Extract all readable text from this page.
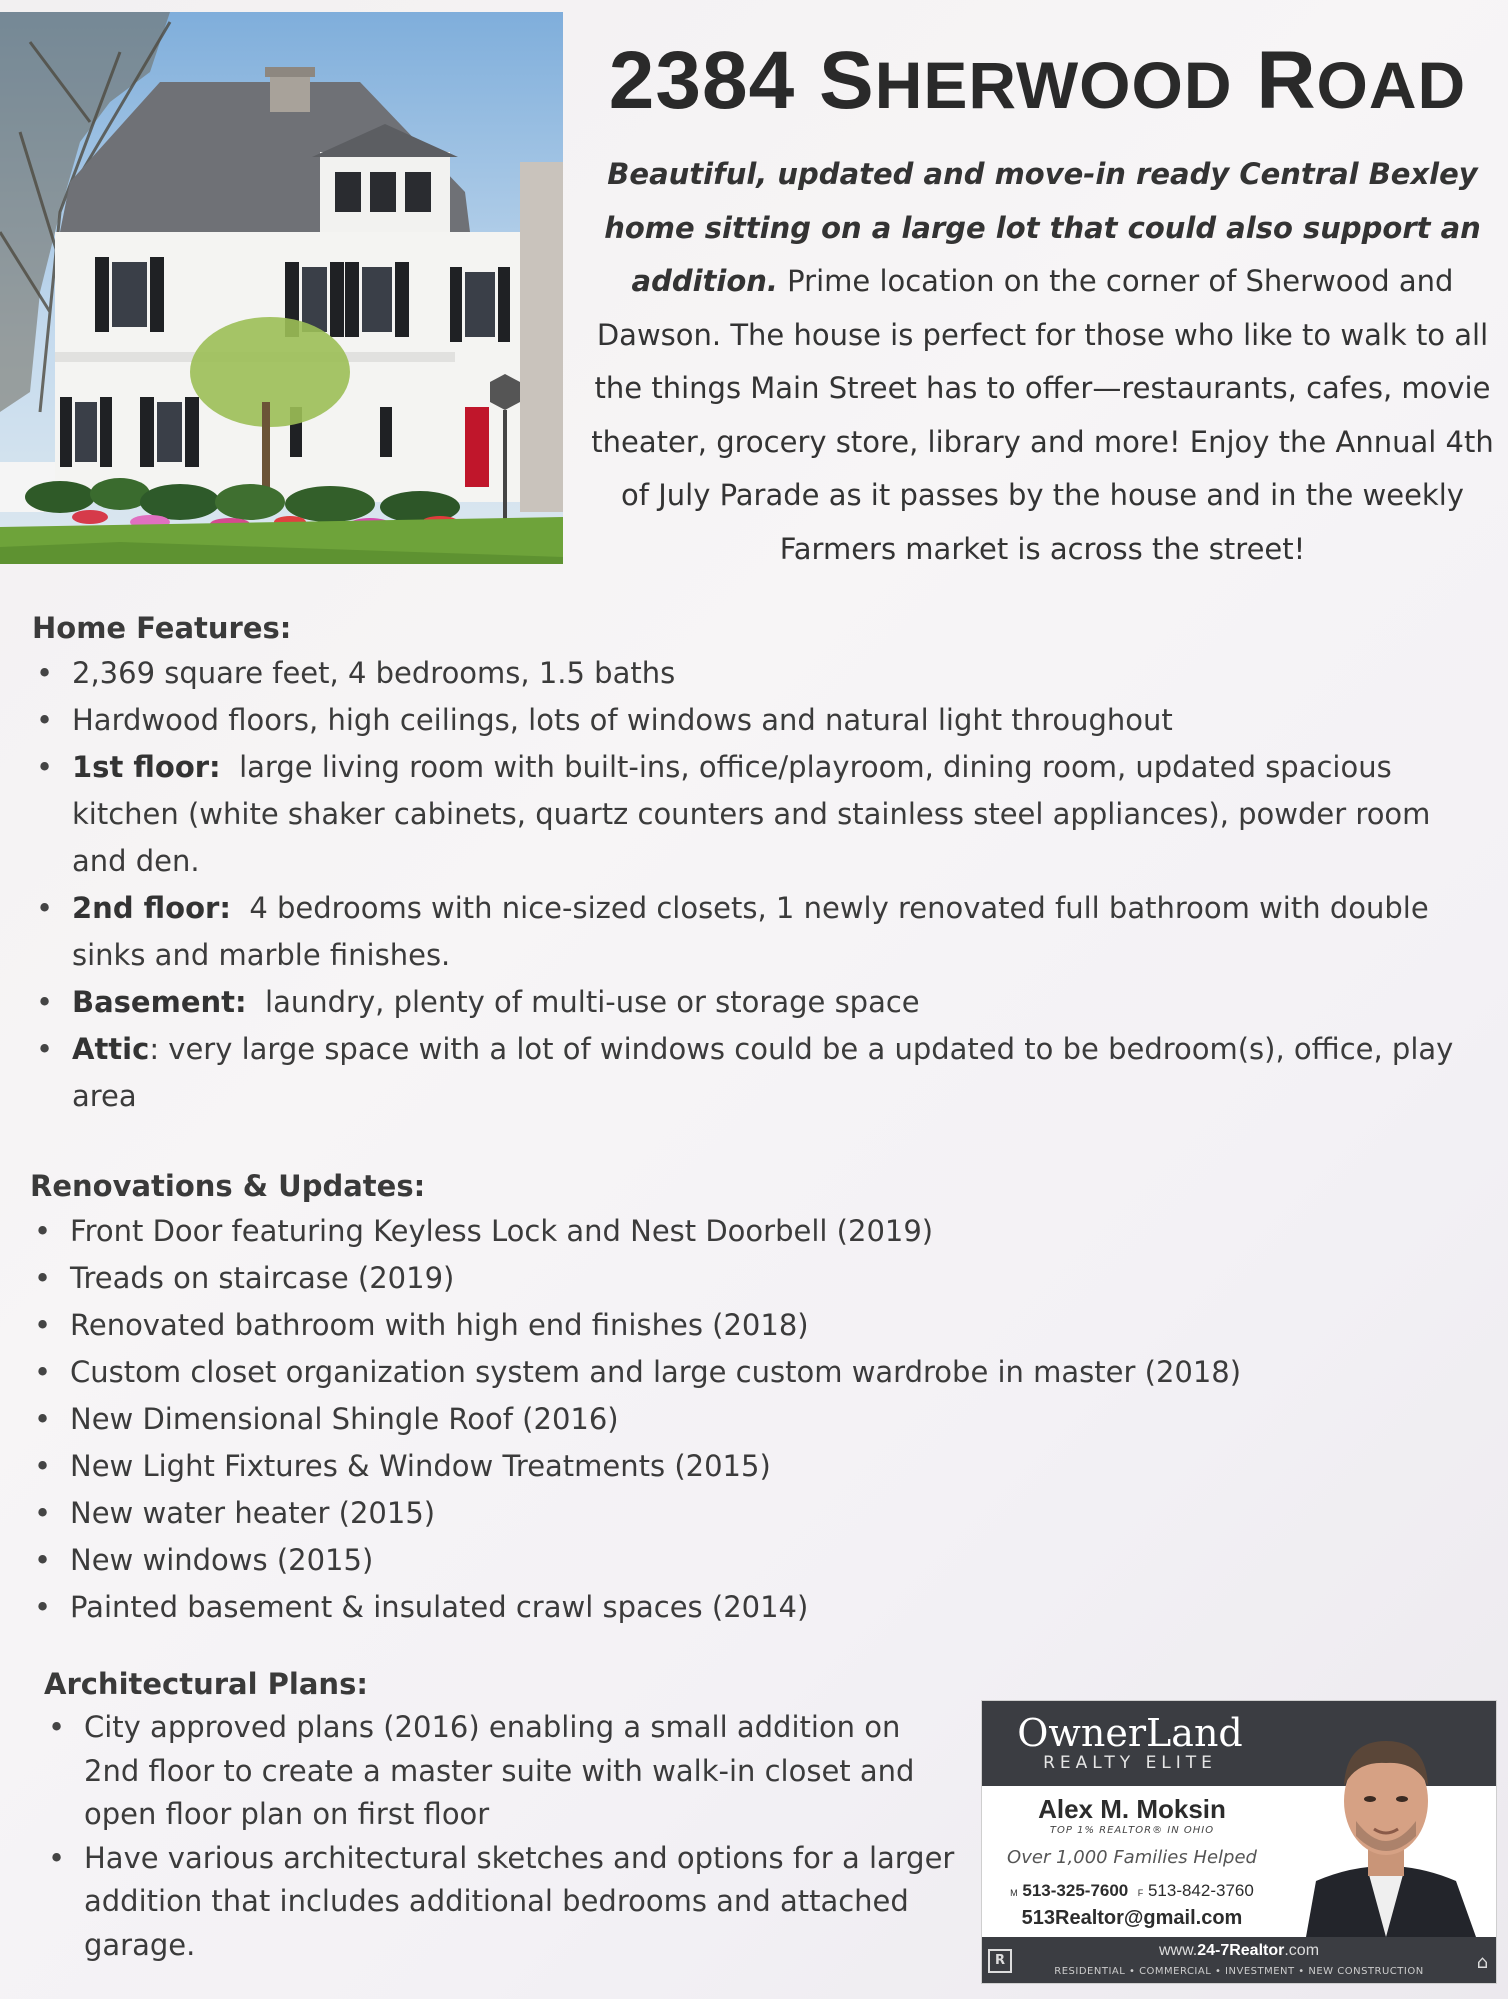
2384 SHERWOOD ROAD
Beautiful, updated and move-in ready Central Bexley home sitting on a large lot that could also support an addition. Prime location on the corner of Sherwood and Dawson. The house is perfect for those who like to walk to all the things Main Street has to offer—restaurants, cafes, movie theater, grocery store, library and more! Enjoy the Annual 4th of July Parade as it passes by the house and in the weekly Farmers market is across the street!
Home Features:
• 2,369 square feet, 4 bedrooms, 1.5 baths
• Hardwood floors, high ceilings, lots of windows and natural light throughout
• 1st floor: large living room with built-ins, office/playroom, dining room, updated spacious kitchen (white shaker cabinets, quartz counters and stainless steel appliances), powder room and den.
• 2nd floor: 4 bedrooms with nice-sized closets, 1 newly renovated full bathroom with double sinks and marble finishes.
• Basement: laundry, plenty of multi-use or storage space
• Attic: very large space with a lot of windows could be a updated to be bedroom(s), office, play area
Renovations & Updates:
• Front Door featuring Keyless Lock and Nest Doorbell (2019)
• Treads on staircase (2019)
• Renovated bathroom with high end finishes (2018)
• Custom closet organization system and large custom wardrobe in master (2018)
• New Dimensional Shingle Roof (2016)
• New Light Fixtures & Window Treatments (2015)
• New water heater (2015)
• New windows (2015)
• Painted basement & insulated crawl spaces (2014)
Architectural Plans:
• City approved plans (2016) enabling a small addition on 2nd floor to create a master suite with walk-in closet and open floor plan on first floor
• Have various architectural sketches and options for a larger addition that includes additional bedrooms and attached garage.
OwnerLand
REALTY ELITE
Alex M. Moksin
TOP 1% REALTOR® IN OHIO
Over 1,000 Families Helped
M 513-325-7600 F 513-842-3760
513Realtor@gmail.com
www.24-7Realtor.com
RESIDENTIAL • COMMERCIAL • INVESTMENT • NEW CONSTRUCTION
R	⌂
